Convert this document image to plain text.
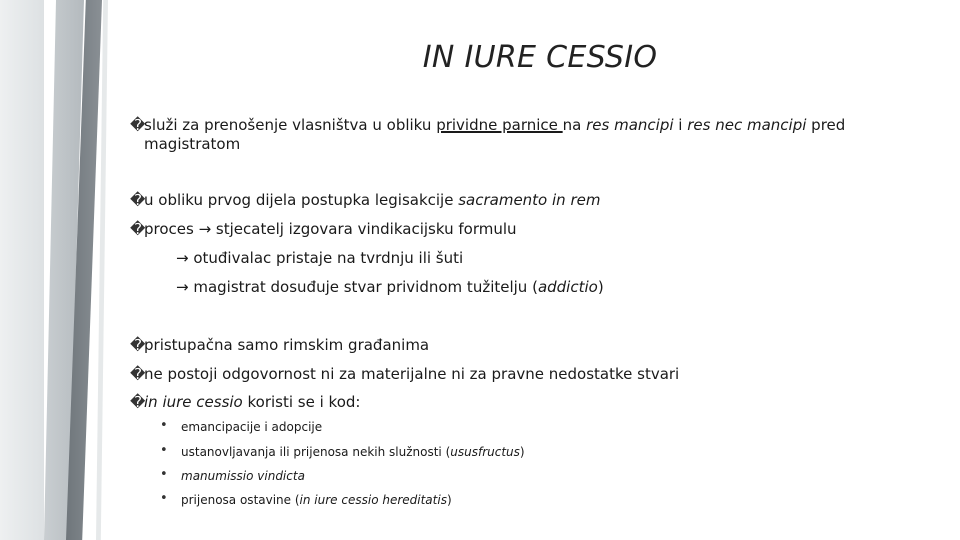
IN IURE CESSIO
�služi za prenošenje vlasništva u obliku prividne parnice na res mancipi i res nec mancipi pred
magistratom
�u obliku prvog dijela postupka legisakcije sacramento in rem
�proces → stjecatelj izgovara vindikacijsku formulu
→ otuđivalac pristaje na tvrdnju ili šuti
→ magistrat dosuđuje stvar prividnom tužitelju (addictio)
�pristupačna samo rimskim građanima
�ne postoji odgovornost ni za materijalne ni za pravne nedostatke stvari
�in iure cessio koristi se i kod:
• emancipacije i adopcije
• ustanovljavanja ili prijenosa nekih služnosti (ususfructus)
• manumissio vindicta
• prijenosa ostavine (in iure cessio hereditatis)
